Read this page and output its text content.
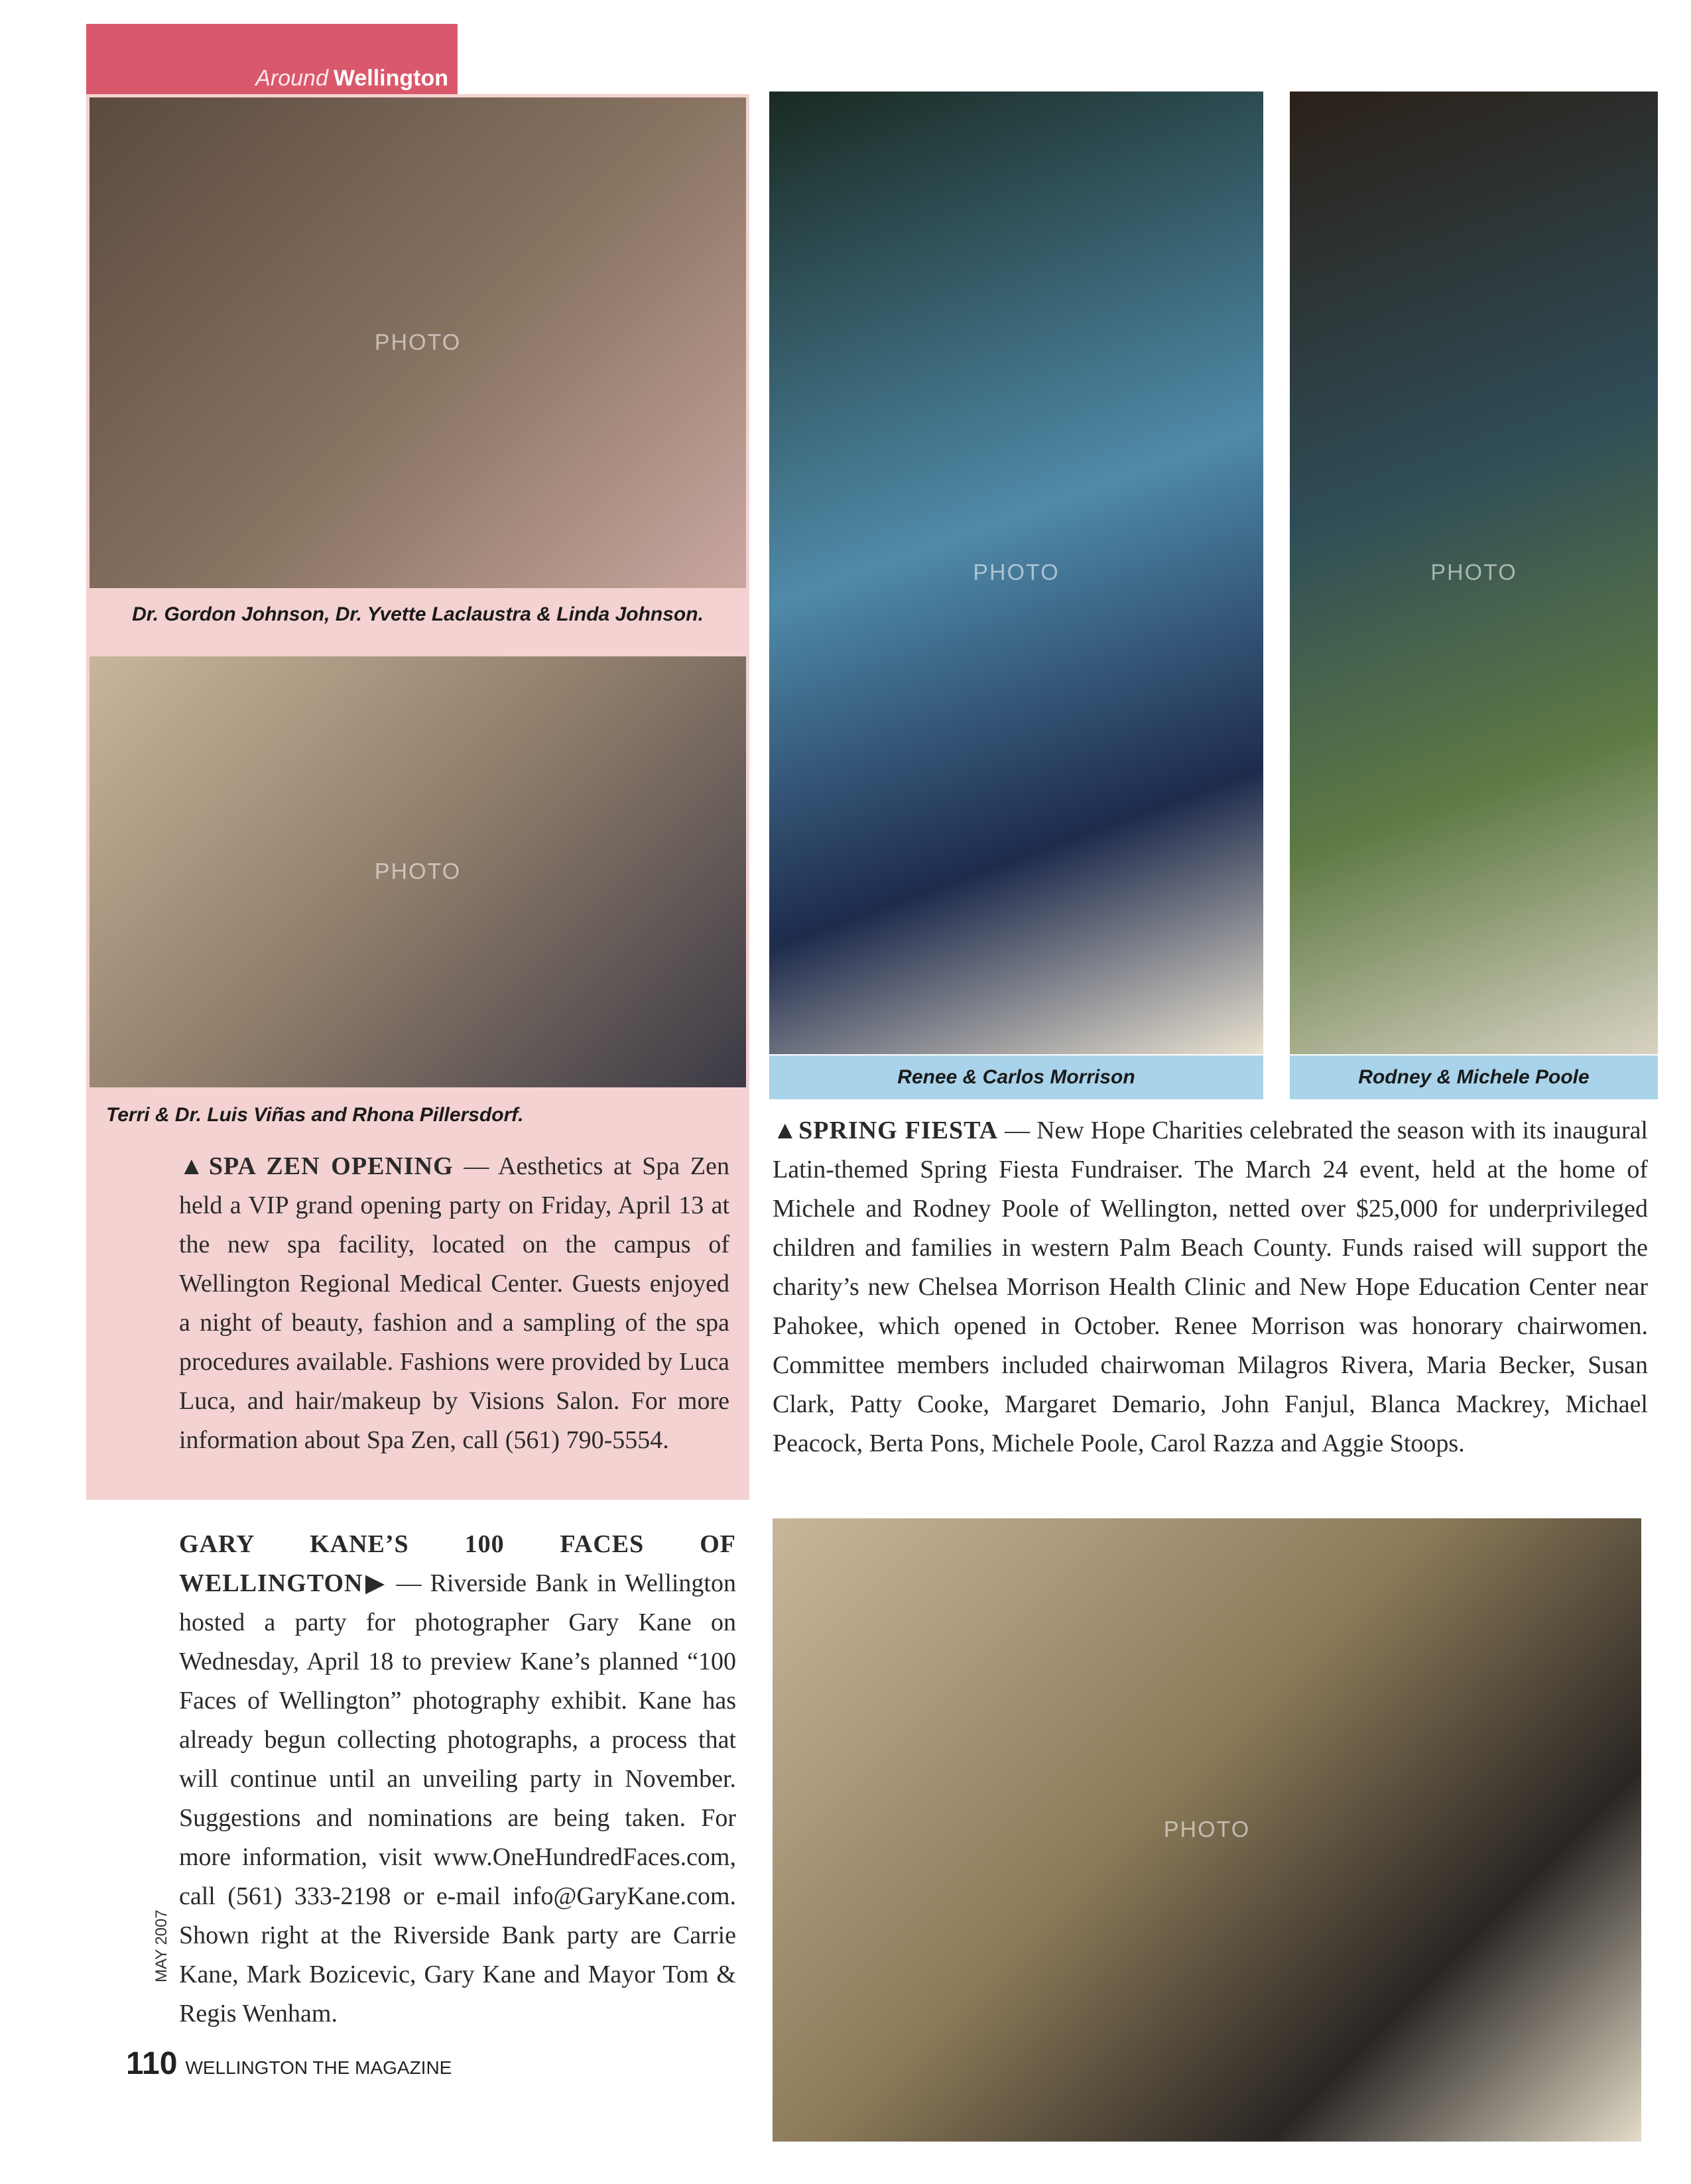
Around Wellington
PHOTO
Dr. Gordon Johnson, Dr. Yvette Laclaustra & Linda Johnson.
PHOTO
Terri & Dr. Luis Viñas and Rhona Pillersdorf.
▲SPA ZEN OPENING — Aesthetics at Spa Zen held a VIP grand opening party on Friday, April 13 at the new spa facility, located on the campus of Wellington Regional Medical Center. Guests enjoyed a night of beauty, fashion and a sampling of the spa procedures available. Fashions were provided by Luca Luca, and hair/makeup by Visions Salon. For more information about Spa Zen, call (561) 790-5554.
PHOTO
Renee & Carlos Morrison
PHOTO
Rodney & Michele Poole
▲SPRING FIESTA — New Hope Charities celebrated the season with its inaugural Latin-themed Spring Fiesta Fundraiser. The March 24 event, held at the home of Michele and Rodney Poole of Wellington, netted over $25,000 for underprivileged children and families in western Palm Beach County. Funds raised will support the charity’s new Chelsea Morrison Health Clinic and New Hope Education Center near Pahokee, which opened in October. Renee Morrison was honorary chairwomen. Committee members included chairwoman Milagros Rivera, Maria Becker, Susan Clark, Patty Cooke, Margaret Demario, John Fanjul, Blanca Mackrey, Michael Peacock, Berta Pons, Michele Poole, Carol Razza and Aggie Stoops.
GARY KANE’S 100 FACES OF WELLINGTON▶ — Riverside Bank in Wellington hosted a party for photographer Gary Kane on Wednesday, April 18 to preview Kane’s planned “100 Faces of Wellington” photography exhibit. Kane has already begun collecting photographs, a process that will continue until an unveiling party in November. Suggestions and nominations are being taken. For more information, visit www.OneHundredFaces.com, call (561) 333-2198 or e-mail info@GaryKane.com. Shown right at the Riverside Bank party are Carrie Kane, Mark Bozicevic, Gary Kane and Mayor Tom & Regis Wenham.
PHOTO
MAY 2007
110 WELLINGTON THE MAGAZINE
